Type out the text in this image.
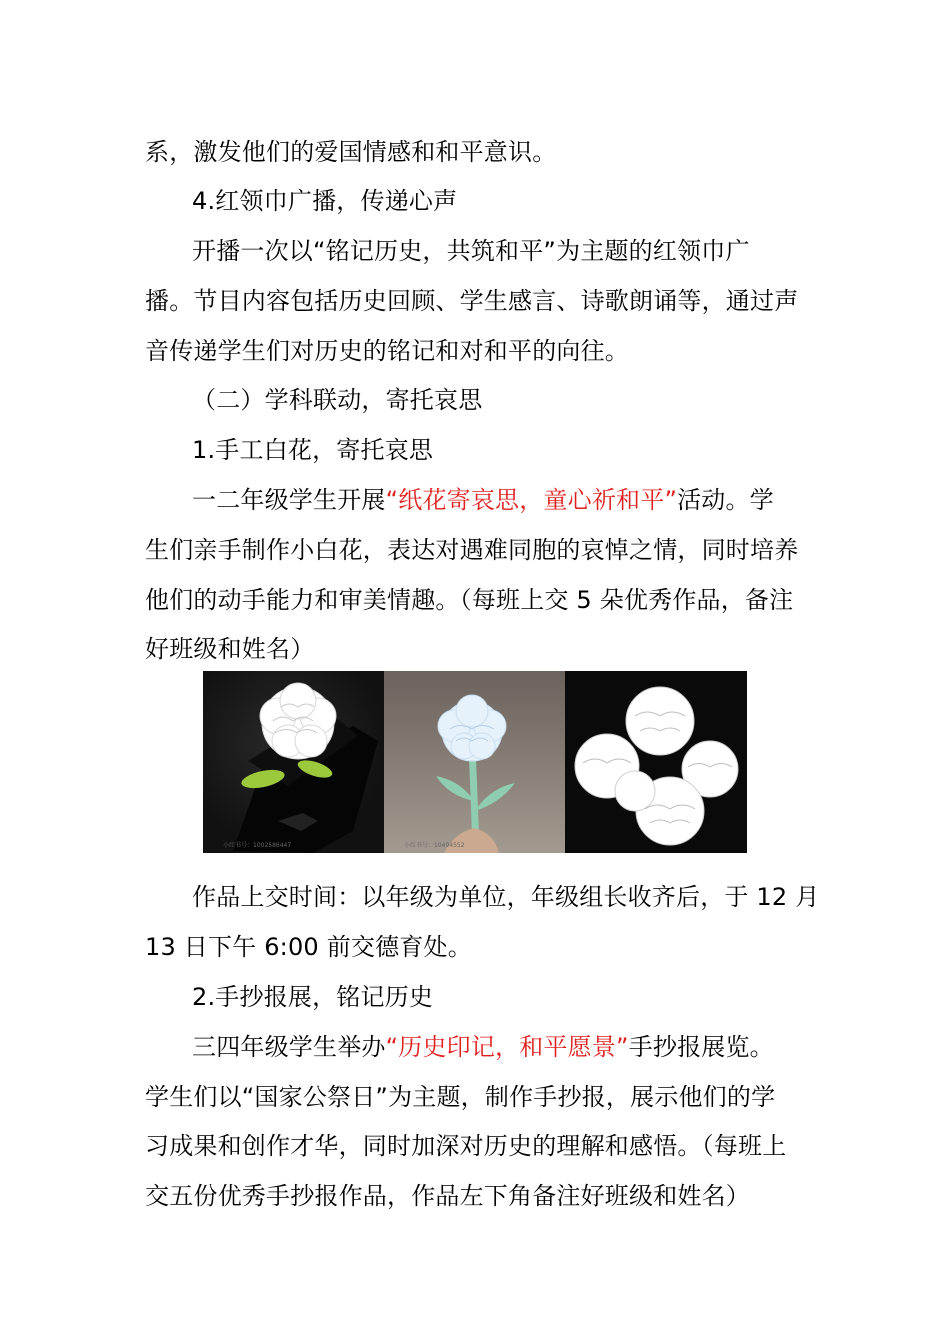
系，激发他们的爱国情感和和平意识。
4.红领巾广播，传递心声
开播一次以“铭记历史，共筑和平”为主题的红领巾广
播。节目内容包括历史回顾、学生感言、诗歌朗诵等，通过声
音传递学生们对历史的铭记和对和平的向往。
（二）学科联动，寄托哀思
1.手工白花，寄托哀思
一二年级学生开展“纸花寄哀思，童心祈和平”活动。学
生们亲手制作小白花，表达对遇难同胞的哀悼之情，同时培养
他们的动手能力和审美情趣。（每班上交 5 朵优秀作品，备注
好班级和姓名）
小红书号：1002586447	小红书号：10494552
作品上交时间：以年级为单位，年级组长收齐后，于 12 月
13 日下午 6:00 前交德育处。
2.手抄报展，铭记历史
三四年级学生举办“历史印记，和平愿景”手抄报展览。
学生们以“国家公祭日”为主题，制作手抄报，展示他们的学
习成果和创作才华，同时加深对历史的理解和感悟。（每班上
交五份优秀手抄报作品，作品左下角备注好班级和姓名）
